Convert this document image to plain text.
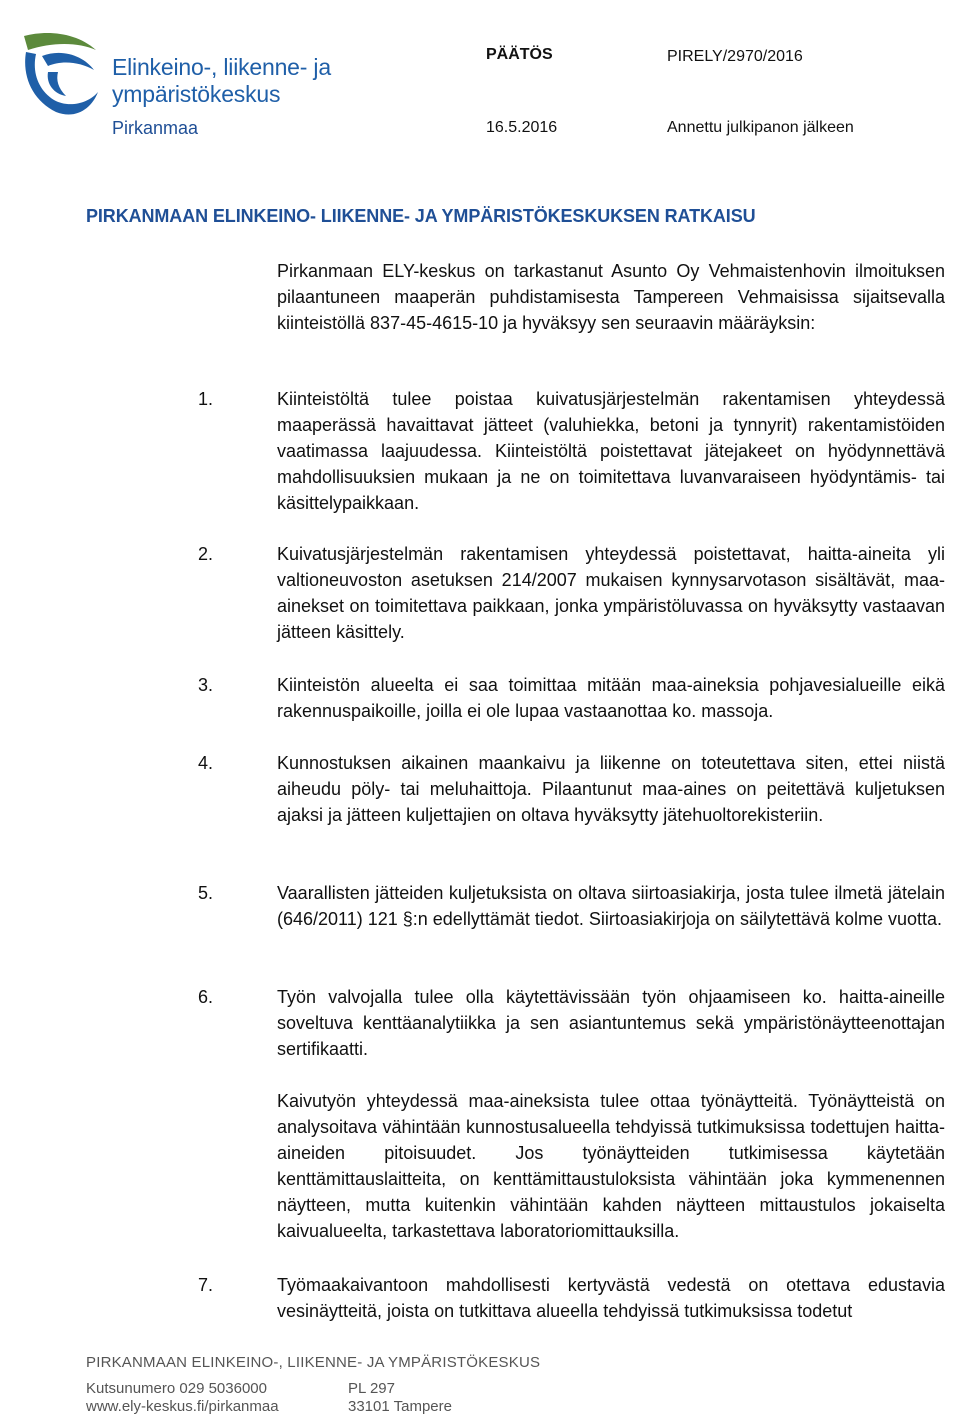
Elinkeino-, liikenne- ja
ympäristökeskus
Pirkanmaa
PÄÄTÖS	PIRELY/2970/2016
16.5.2016	Annettu julkipanon jälkeen
PIRKANMAAN ELINKEINO- LIIKENNE- JA YMPÄRISTÖKESKUKSEN RATKAISU
Pirkanmaan ELY-keskus on tarkastanut Asunto Oy Vehmaistenhovin ilmoituksen pilaantuneen maaperän puhdistamisesta Tampereen Vehmaisissa sijaitsevalla kiinteistöllä 837-45-4615-10 ja hyväksyy sen seuraavin määräyksin:
1.	Kiinteistöltä tulee poistaa kuivatusjärjestelmän rakentamisen yhteydessä maaperässä havaittavat jätteet (valuhiekka, betoni ja tynnyrit) rakentamistöiden vaatimassa laajuudessa. Kiinteistöltä poistettavat jätejakeet on hyödynnettävä mahdollisuuksien mukaan ja ne on toimitettava luvanvaraiseen hyödyntämis- tai käsittelypaikkaan.
2.	Kuivatusjärjestelmän rakentamisen yhteydessä poistettavat, haitta-aineita yli valtioneuvoston asetuksen 214/2007 mukaisen kynnysarvotason sisältävät, maa-ainekset on toimitettava paikkaan, jonka ympäristöluvassa on hyväksytty vastaavan jätteen käsittely.
3.	Kiinteistön alueelta ei saa toimittaa mitään maa-aineksia pohjavesialueille eikä rakennuspaikoille, joilla ei ole lupaa vastaanottaa ko. massoja.
4.	Kunnostuksen aikainen maankaivu ja liikenne on toteutettava siten, ettei niistä aiheudu pöly- tai meluhaittoja. Pilaantunut maa-aines on peitettävä kuljetuksen ajaksi ja jätteen kuljettajien on oltava hyväksytty jätehuoltorekisteriin.
5.	Vaarallisten jätteiden kuljetuksista on oltava siirtoasiakirja, josta tulee ilmetä jätelain (646/2011) 121 §:n edellyttämät tiedot. Siirtoasiakirjoja on säilytettävä kolme vuotta.
6.	Työn valvojalla tulee olla käytettävissään työn ohjaamiseen ko. haitta-aineille soveltuva kenttäanalytiikka ja sen asiantuntemus sekä ympäristönäytteenottajan sertifikaatti.
Kaivutyön yhteydessä maa-aineksista tulee ottaa työnäytteitä. Työnäytteistä on analysoitava vähintään kunnostusalueella tehdyissä tutkimuksissa todettujen haitta-aineiden pitoisuudet. Jos työnäytteiden tutkimisessa käytetään kenttämittauslaitteita, on kenttämittaustuloksista vähintään joka kymmenennen näytteen, mutta kuitenkin vähintään kahden näytteen mittaustulos jokaiselta kaivualueelta, tarkastettava laboratoriomittauksilla.
7.	Työmaakaivantoon mahdollisesti kertyvästä vedestä on otettava edustavia vesinäytteitä, joista on tutkittava alueella tehdyissä tutkimuksissa todetut
PIRKANMAAN ELINKEINO-, LIIKENNE- JA YMPÄRISTÖKESKUS
Kutsunumero 029 5036000
www.ely-keskus.fi/pirkanmaa
PL 297
33101 Tampere
